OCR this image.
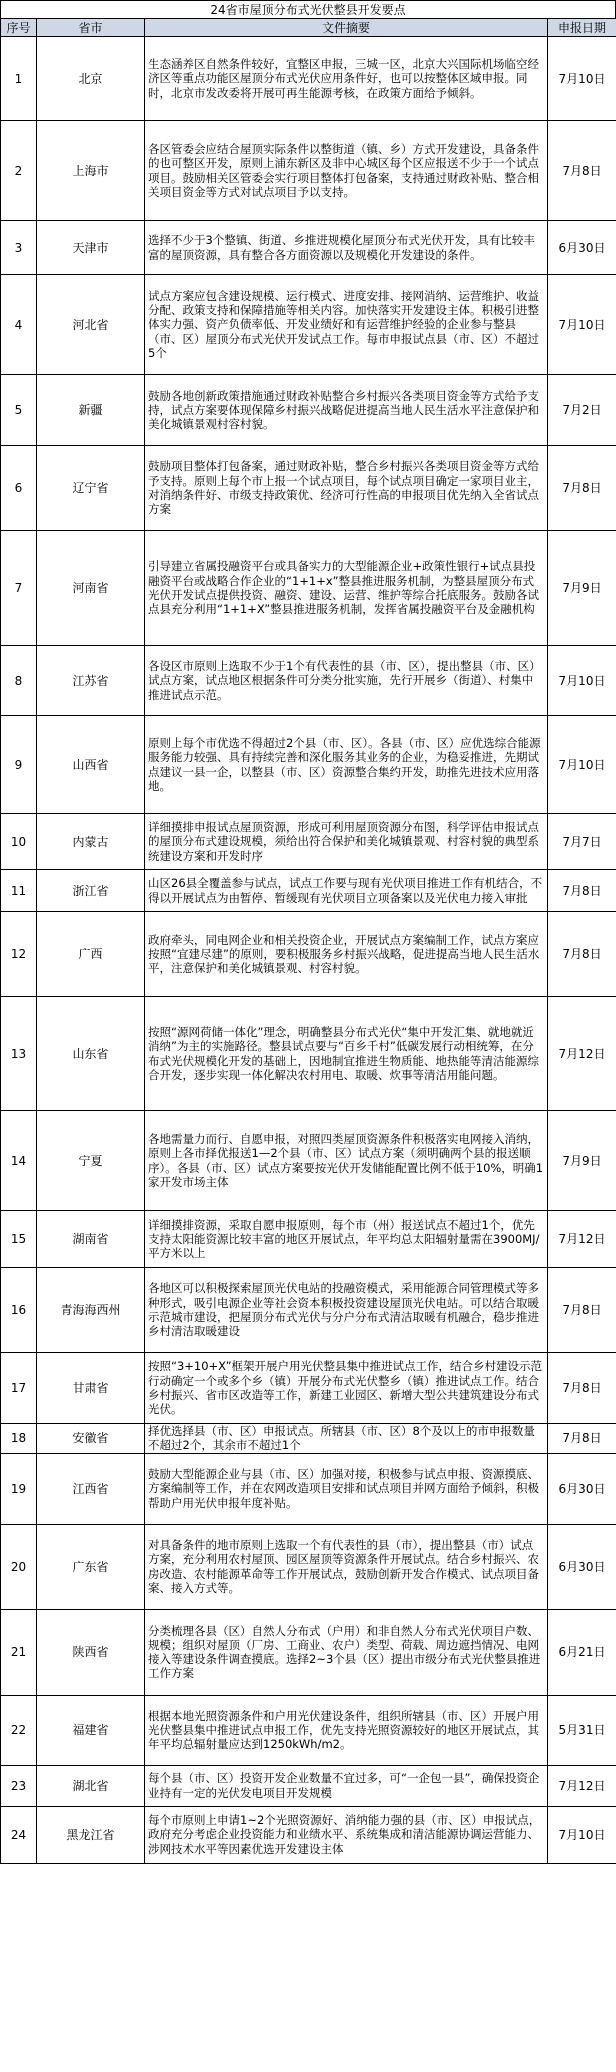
24省市屋顶分布式光伏整县开发要点
序号	省市	文件摘要	申报日期
1	北京	生态涵养区自然条件较好，宜整区申报，三城一区，北京大兴国际机场临空经济区等重点功能区屋顶分布式光伏应用条件好，也可以按整体区域申报。同时，北京市发改委将开展可再生能源考核，在政策方面给予倾斜。	7月10日
2	上海市	各区管委会应结合屋顶实际条件以整街道（镇、乡）方式开发建设，具备条件的也可整区开发，原则上浦东新区及非中心城区每个区应报送不少于一个试点项目。鼓励相关区管委会实行项目整体打包备案，支持通过财政补贴、整合相关项目资金等方式对试点项目予以支持。	7月8日
3	天津市	选择不少于3个整镇、街道、乡推进规模化屋顶分布式光伏开发，具有比较丰富的屋顶资源，具有整合各方面资源以及规模化开发建设的条件。	6月30日
4	河北省	试点方案应包含建设规模、运行模式、进度安排、接网消纳、运营维护、收益分配、政策支持和保障措施等相关内容。加快落实开发建设主体。积极引进整体实力强、资产负债率低、开发业绩好和有运营维护经验的企业参与整县（市、区）屋顶分布式光伏开发试点工作。每市申报试点县（市、区）不超过5个	7月10日
5	新疆	鼓励各地创新政策措施通过财政补贴整合乡村振兴各类项目资金等方式给予支持，试点方案要体现保障乡村振兴战略促进提高当地人民生活水平注意保护和美化城镇景观村容村貌。	7月2日
6	辽宁省	鼓励项目整体打包备案，通过财政补贴，整合乡村振兴各类项目资金等方式给予支持。原则上每个市上报一个试点项目，每个试点项目确定一家项目业主，对消纳条件好、市级支持政策优、经济可行性高的申报项目优先纳入全省试点方案	7月8日
7	河南省	引导建立省属投融资平台或具备实力的大型能源企业+政策性银行+试点县投融资平台或战略合作企业的“1+1+x”整县推进服务机制，为整县屋顶分布式光伏开发试点提供投资、融资、建设、运营、维护等综合托底服务。鼓励各试点县充分利用“1+1+X”整县推进服务机制，发挥省属投融资平台及金融机构	7月9日
8	江苏省	各设区市原则上选取不少于1个有代表性的县（市、区），提出整县（市、区）试点方案，试点地区根据条件可分类分批实施，先行开展乡（街道）、村集中推进试点示范。	7月10日
9	山西省	原则上每个市优选不得超过2个县（市、区）。各县（市、区）应优选综合能源服务能力较强、具有持续完善和深化服务其业务的企业，为稳妥推进，先期试点建议一县一企，以整县（市、区）资源整合集约开发，助推先进技术应用落地。	7月10日
10	内蒙古	详细摸排申报试点屋顶资源，形成可利用屋顶资源分布图，科学评估申报试点的屋顶分布式建设规模，须给出符合保护和美化城镇景观、村容村貌的典型系统建设方案和开发时序	7月7日
11	浙江省	山区26县全覆盖参与试点，试点工作要与现有光伏项目推进工作有机结合，不得以开展试点为由暂停、暂缓现有光伏项目立项备案以及光伏电力接入审批	7月8日
12	广西	政府牵头，同电网企业和相关投资企业，开展试点方案编制工作，试点方案应按照“宜建尽建”的原则，要积极服务乡村振兴战略，促进提高当地人民生活水平，注意保护和美化城镇景观、村容村貌。	7月8日
13	山东省	按照“源网荷储一体化”理念，明确整县分布式光伏“集中开发汇集、就地就近消纳”为主的实施路径。整县试点要与“百乡千村”低碳发展行动相统筹，在分布式光伏规模化开发的基础上，因地制宜推进生物质能、地热能等清洁能源综合开发，逐步实现一体化解决农村用电、取暖、炊事等清洁用能问题。	7月12日
14	宁夏	各地需量力而行、自愿申报，对照四类屋顶资源条件积极落实电网接入消纳，原则上各市择优报送1—2个县（市、区）试点方案（须明确两个县的报送顺序）。各县（市、区）试点方案要按光伏开发储能配置比例不低于10%，明确1家开发市场主体	7月9日
15	湖南省	详细摸排资源，采取自愿申报原则，每个市（州）报送试点不超过1个，优先支持太阳能资源比较丰富的地区开展试点，年平均总太阳辐射量需在3900MJ/平方米以上	7月12日
16	青海海西州	各地区可以积极探索屋顶光伏电站的投融资模式，采用能源合同管理模式等多种形式，吸引电源企业等社会资本积极投资建设屋顶光伏电站。可以结合取暖示范城市建设，把屋顶分布式光伏与分户分布式清洁取暖有机融合，稳步推进乡村清洁取暖建设	7月8日
17	甘肃省	按照“3+10+X”框架开展户用光伏整县集中推进试点工作，结合乡村建设示范行动确定一个或多个乡（镇）开展分布式光伏整乡（镇）推进试点工作。结合乡村振兴、省市区改造等工作，新建工业园区、新增大型公共建筑建设分布式光伏。	7月8日
18	安徽省	择优选择县（市、区）申报试点。所辖县（市、区）8个及以上的市申报数量不超过2个，其余市不超过1个	7月8日
19	江西省	鼓励大型能源企业与县（市、区）加强对接，积极参与试点申报、资源摸底、方案编制等工作，并在农网改造项目安排和试点项目并网方面给予倾斜，积极帮助户用光伏申报年度补贴。	6月30日
20	广东省	对具备条件的地市原则上选取一个有代表性的县（市），提出整县（市）试点方案，充分利用农村屋顶、园区屋顶等资源条件开展试点。结合乡村振兴、农房改造、农村能源革命等工作开展试点，鼓励创新开发合作模式、试点项目备案、接入方式等。	6月30日
21	陕西省	分类梳理各县（区）自然人分布式（户用）和非自然人分布式光伏项目户数、规模；组织对屋顶（厂房、工商业、农户）类型、荷载、周边遮挡情况、电网接入等建设条件调查摸底。选择2~3个县（区）提出市级分布式光伏整县推进工作方案	6月21日
22	福建省	根据本地光照资源条件和户用光伏建设条件，组织所辖县（市、区）开展户用光伏整县集中推进试点申报工作，优先支持光照资源较好的地区开展试点，其年平均总辐射量应达到1250kWh/m2。	5月31日
23	湖北省	每个县（市、区）投资开发企业数量不宜过多，可“一企包一县”，确保投资企业持有一定的光伏发电项目开发规模	7月12日
24	黑龙江省	每个市原则上申请1~2个光照资源好、消纳能力强的县（市、区）申报试点，政府充分考虑企业投资能力和业绩水平、系统集成和清洁能源协调运营能力、涉网技术水平等因素优选开发建设主体	7月10日
